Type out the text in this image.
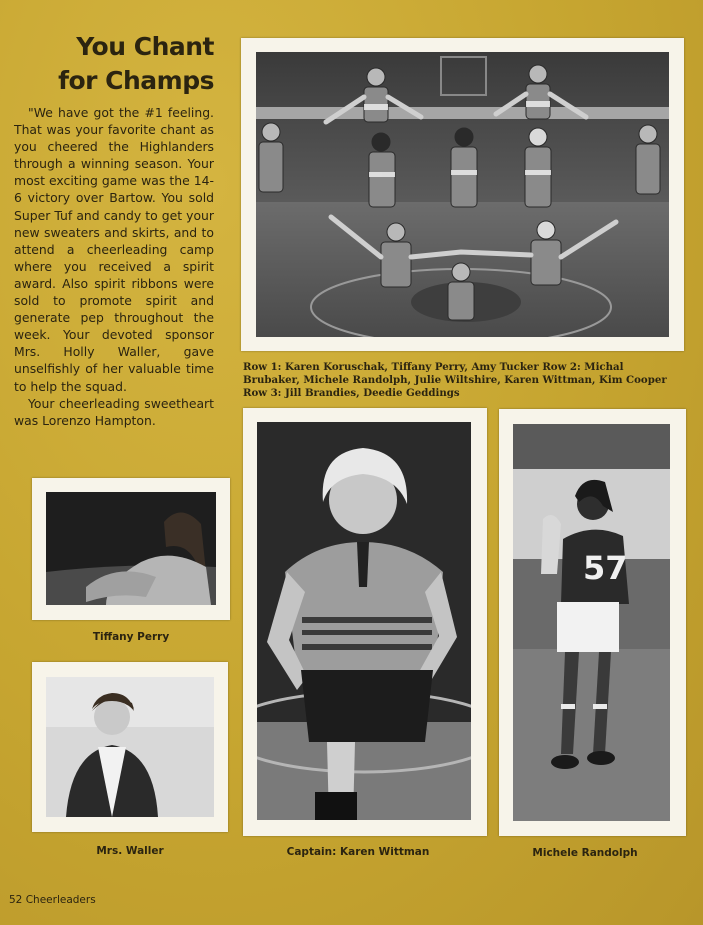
You Chant
for Champs

"We have got the #1 feeling. That was your favorite chant as you cheered the Highlanders through a winning season. Your most exciting game was the 14-6 victory over Bartow. You sold Super Tuf and candy to get your new sweaters and skirts, and to attend a cheerleading camp where you received a spirit award. Also spirit ribbons were sold to promote spirit and generate pep throughout the week. Your devoted sponsor Mrs. Holly Waller, gave unselfishly of her valuable time to help the squad.

Your cheerleading sweetheart was Lorenzo Hampton.

Row 1: Karen Koruschak, Tiffany Perry, Amy Tucker Row 2: Michal Brubaker, Michele Randolph, Julie Wiltshire, Karen Wittman, Kim Cooper Row 3: Jill Brandies, Deedie Geddings
Tiffany Perry
Mrs. Waller	Captain: Karen Wittman
57
Michele Randolph
52 Cheerleaders
